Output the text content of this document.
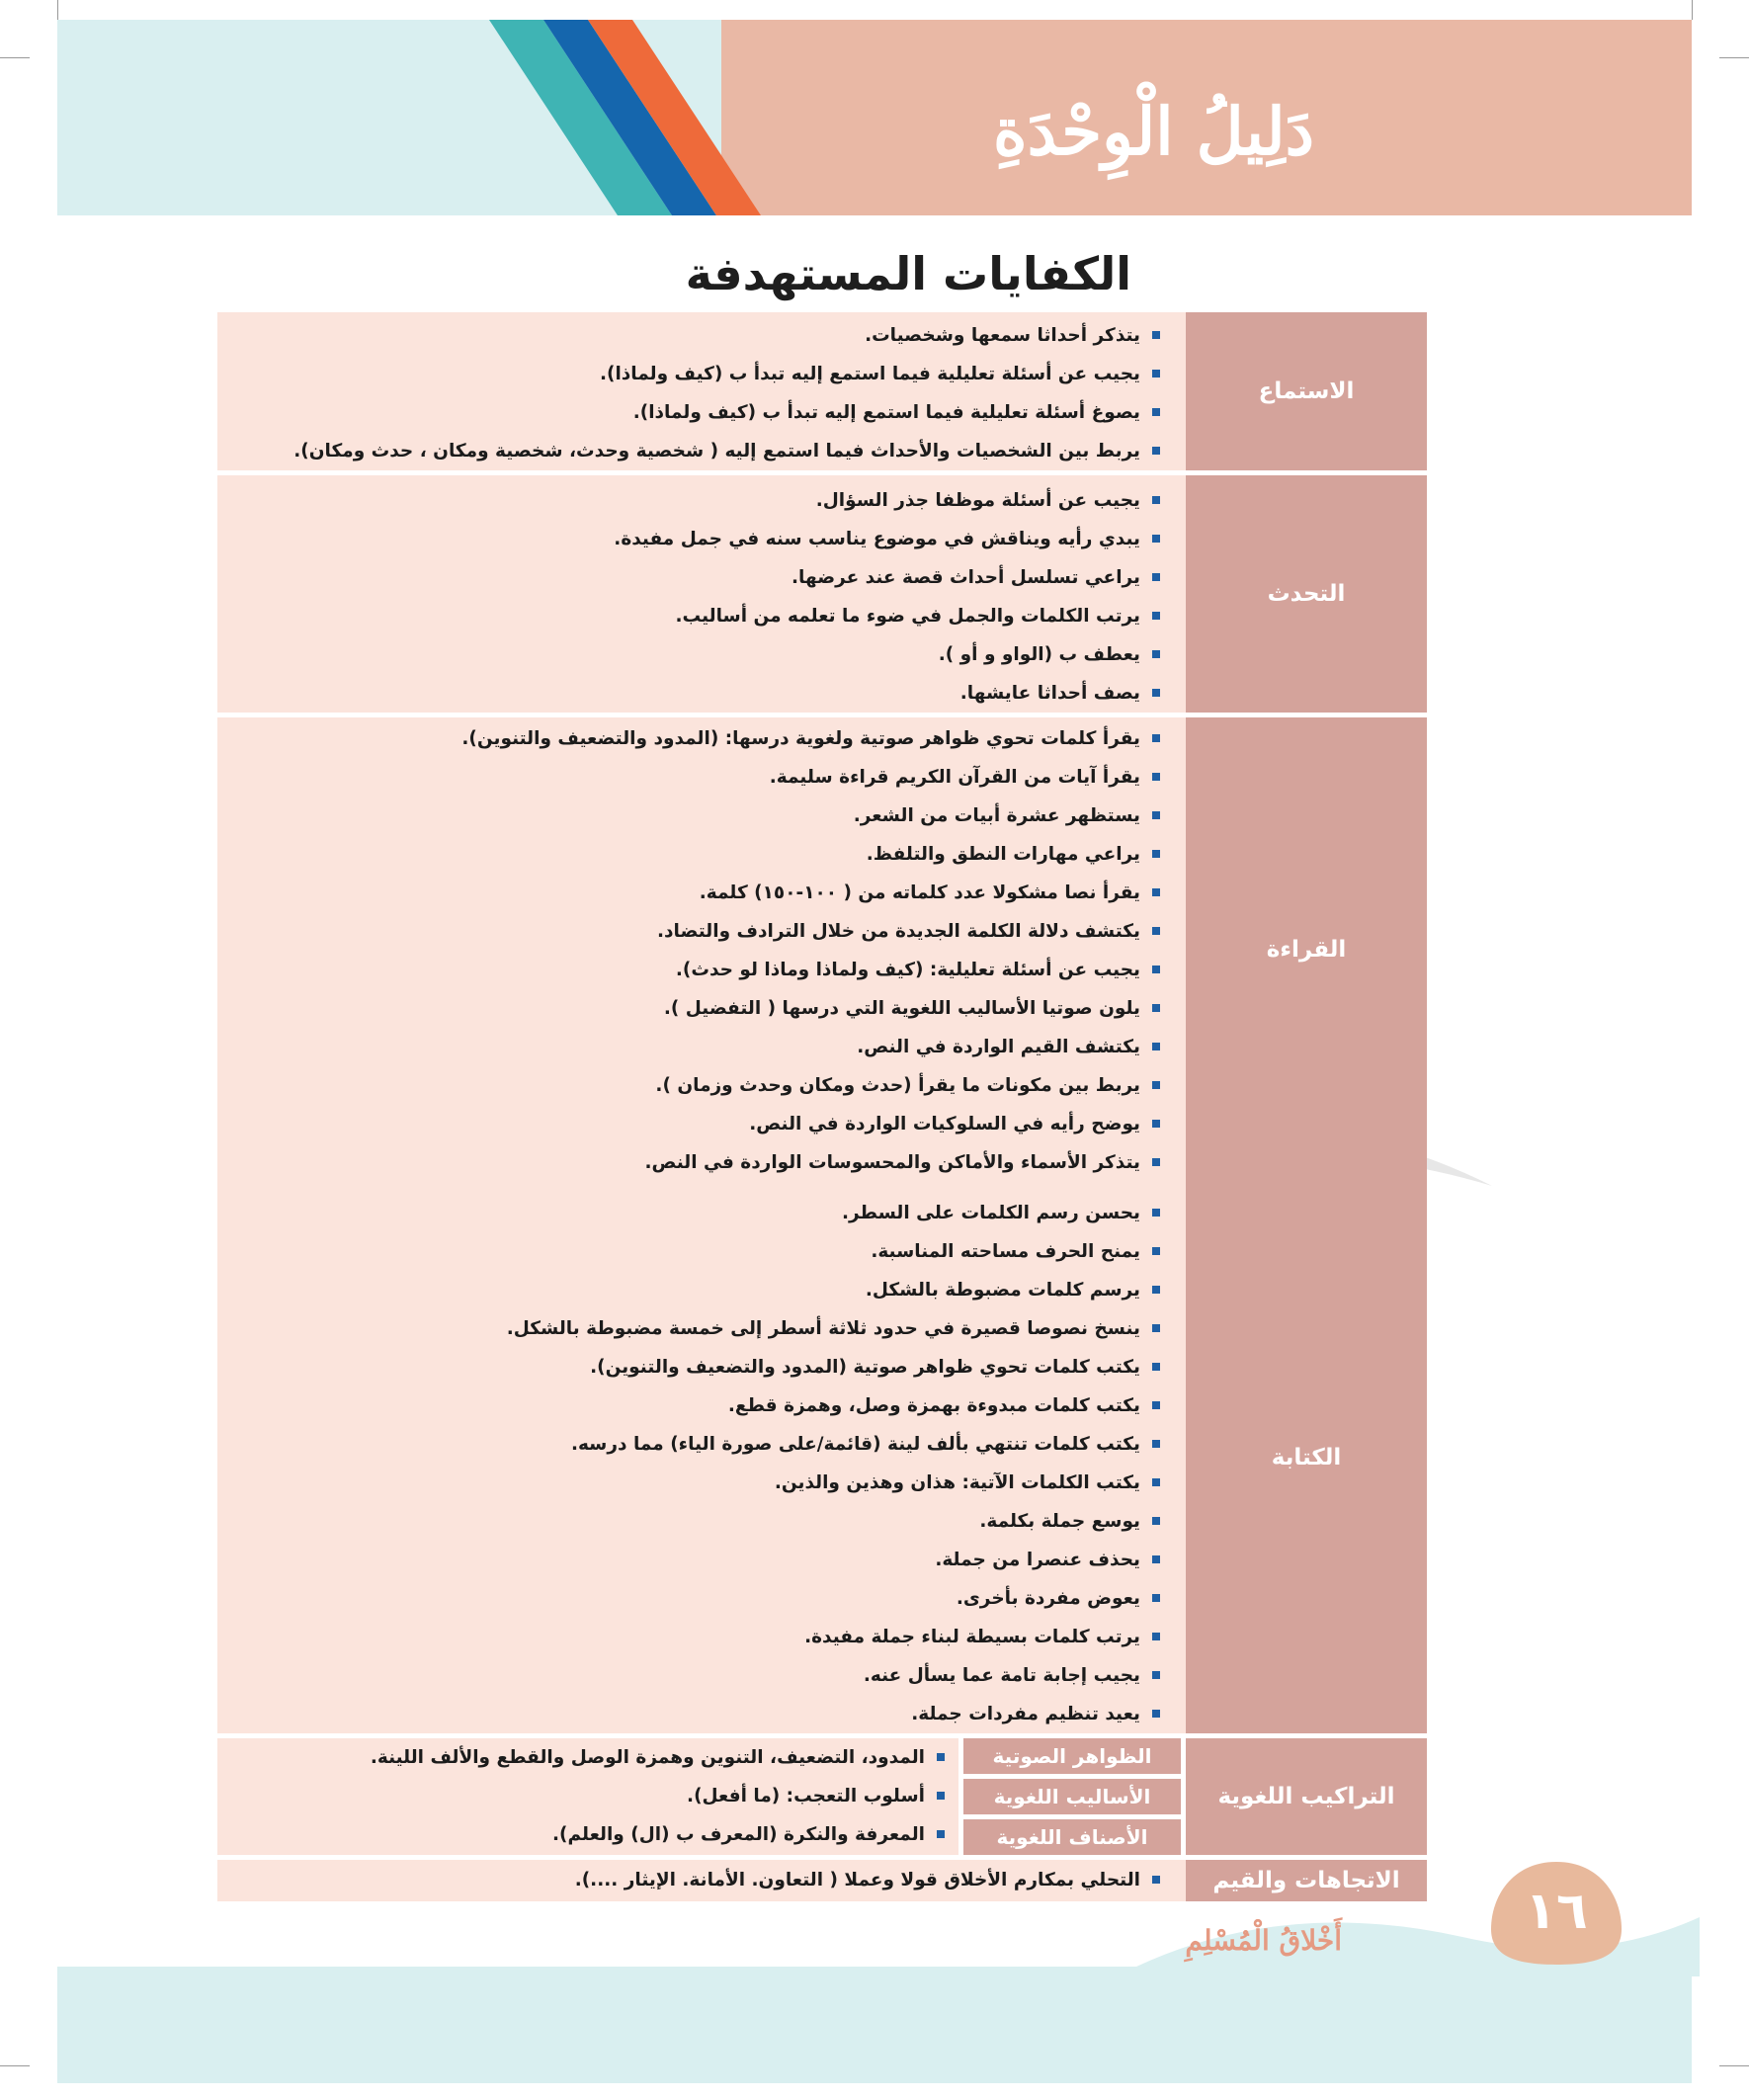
دَلِيلُ الْوِحْدَةِ
الكفايات المستهدفة
الاستماع
يتذكر أحداثا سمعها وشخصيات.
يجيب عن أسئلة تعليلية فيما استمع إليه تبدأ ب (كيف ولماذا).
يصوغ أسئلة تعليلية فيما استمع إليه تبدأ ب (كيف ولماذا).
يربط بين الشخصيات والأحداث فيما استمع إليه ( شخصية وحدث، شخصية ومكان ، حدث ومكان).
التحدث
يجيب عن أسئلة موظفا جذر السؤال.
يبدي رأيه ويناقش في موضوع يناسب سنه في جمل مفيدة.
يراعي تسلسل أحداث قصة عند عرضها.
يرتب الكلمات والجمل في ضوء ما تعلمه من أساليب.
يعطف ب (الواو و أو ).
يصف أحداثا عايشها.
القراءة
يقرأ كلمات تحوي ظواهر صوتية ولغوية درسها: (المدود والتضعيف والتنوين).
يقرأ آيات من القرآن الكريم قراءة سليمة.
يستظهر عشرة أبيات من الشعر.
يراعي مهارات النطق والتلفظ.
يقرأ نصا مشكولا عدد كلماته من ( ١٠٠-١٥٠) كلمة.
يكتشف دلالة الكلمة الجديدة من خلال الترادف والتضاد.
يجيب عن أسئلة تعليلية: (كيف ولماذا وماذا لو حدث).
يلون صوتيا الأساليب اللغوية التي درسها ( التفضيل ).
يكتشف القيم الواردة في النص.
يربط بين مكونات ما يقرأ (حدث ومكان وحدث وزمان ).
يوضح رأيه في السلوكيات الواردة في النص.
يتذكر الأسماء والأماكن والمحسوسات الواردة في النص.
الكتابة
يحسن رسم الكلمات على السطر.
يمنح الحرف مساحته المناسبة.
يرسم كلمات مضبوطة بالشكل.
ينسخ نصوصا قصيرة في حدود ثلاثة أسطر إلى خمسة مضبوطة بالشكل.
يكتب كلمات تحوي ظواهر صوتية (المدود والتضعيف والتنوين).
يكتب كلمات مبدوءة بهمزة وصل، وهمزة قطع.
يكتب كلمات تنتهي بألف لينة (قائمة/على صورة الياء) مما درسه.
يكتب الكلمات الآتية: هذان وهذين والذين.
يوسع جملة بكلمة.
يحذف عنصرا من جملة.
يعوض مفردة بأخرى.
يرتب كلمات بسيطة لبناء جملة مفيدة.
يجيب إجابة تامة عما يسأل عنه.
يعيد تنظيم مفردات جملة.
التراكيب اللغوية
الظواهر الصوتية
الأساليب اللغوية
الأصناف اللغوية
المدود، التضعيف، التنوين وهمزة الوصل والقطع والألف اللينة.
أسلوب التعجب: (ما أفعل).
المعرفة والنكرة (المعرف ب (ال) والعلم).
الاتجاهات والقيم
التحلي بمكارم الأخلاق قولا وعملا ( التعاون. الأمانة. الإيثار ....).
١٦
أَخْلاقُ الْمُسْلِمِ
